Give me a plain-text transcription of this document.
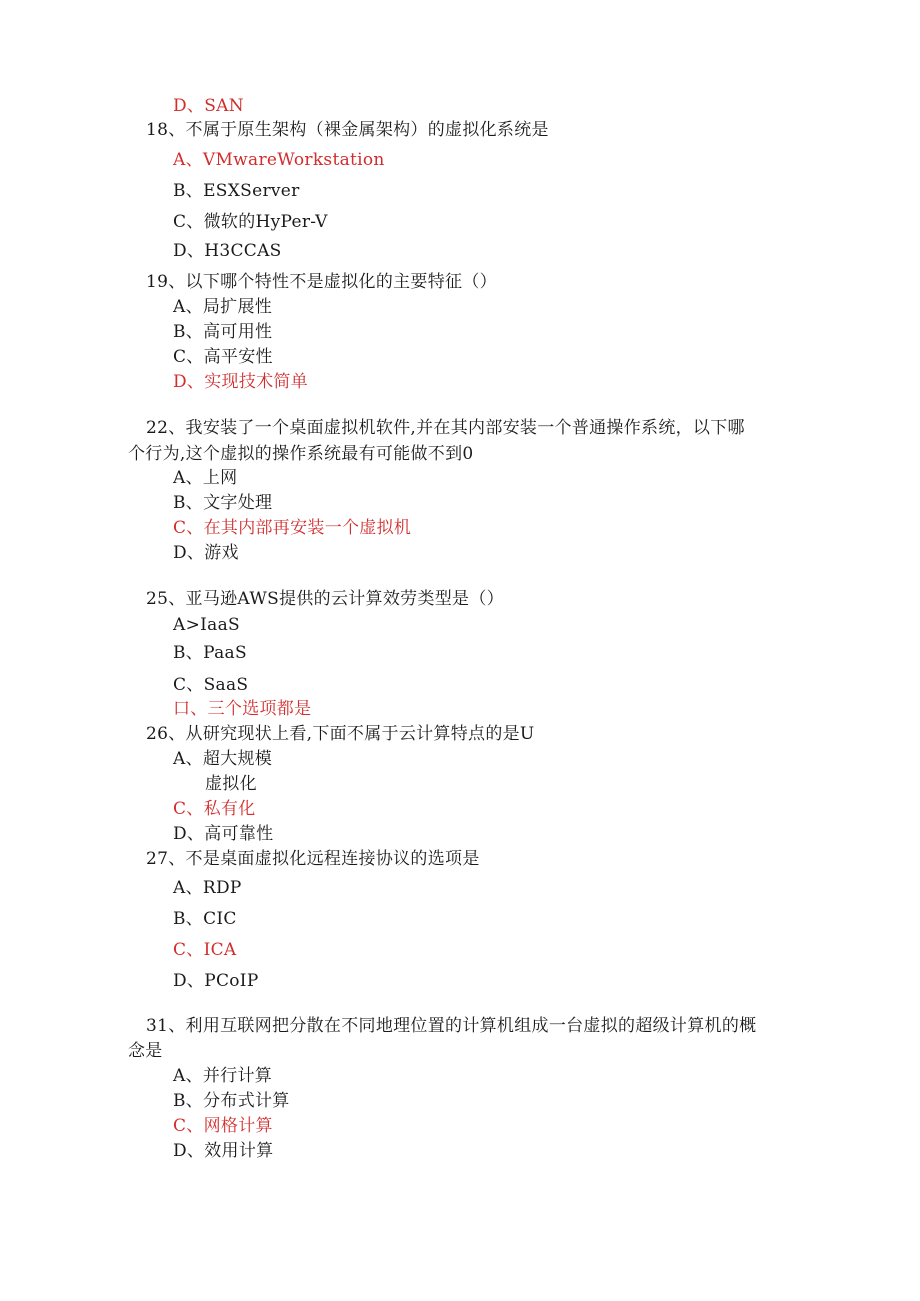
D、SAN
18、不属于原生架构（裸金属架构）的虚拟化系统是
A、VMwareWorkstation
B、ESXServer
C、微软的HyPer-V
D、H3CCAS
19、以下哪个特性不是虚拟化的主要特征（）
A、局扩展性
B、高可用性
C、高平安性
D、实现技术简单
22、我安装了一个桌面虚拟机软件,并在其内部安装一个普通操作系统，以下哪
个行为,这个虚拟的操作系统最有可能做不到0
A、上网
B、文字处理
C、在其内部再安装一个虚拟机
D、游戏
25、亚马逊AWS提供的云计算效劳类型是（）
A>IaaS
B、PaaS
C、SaaS
口、三个选项都是
26、从研究现状上看,下面不属于云计算特点的是U
A、超大规模
虚拟化
C、私有化
D、高可靠性
27、不是桌面虚拟化远程连接协议的选项是
A、RDP
B、CIC
C、ICA
D、PCoIP
31、利用互联网把分散在不同地理位置的计算机组成一台虚拟的超级计算机的概
念是
A、并行计算
B、分布式计算
C、网格计算
D、效用计算
